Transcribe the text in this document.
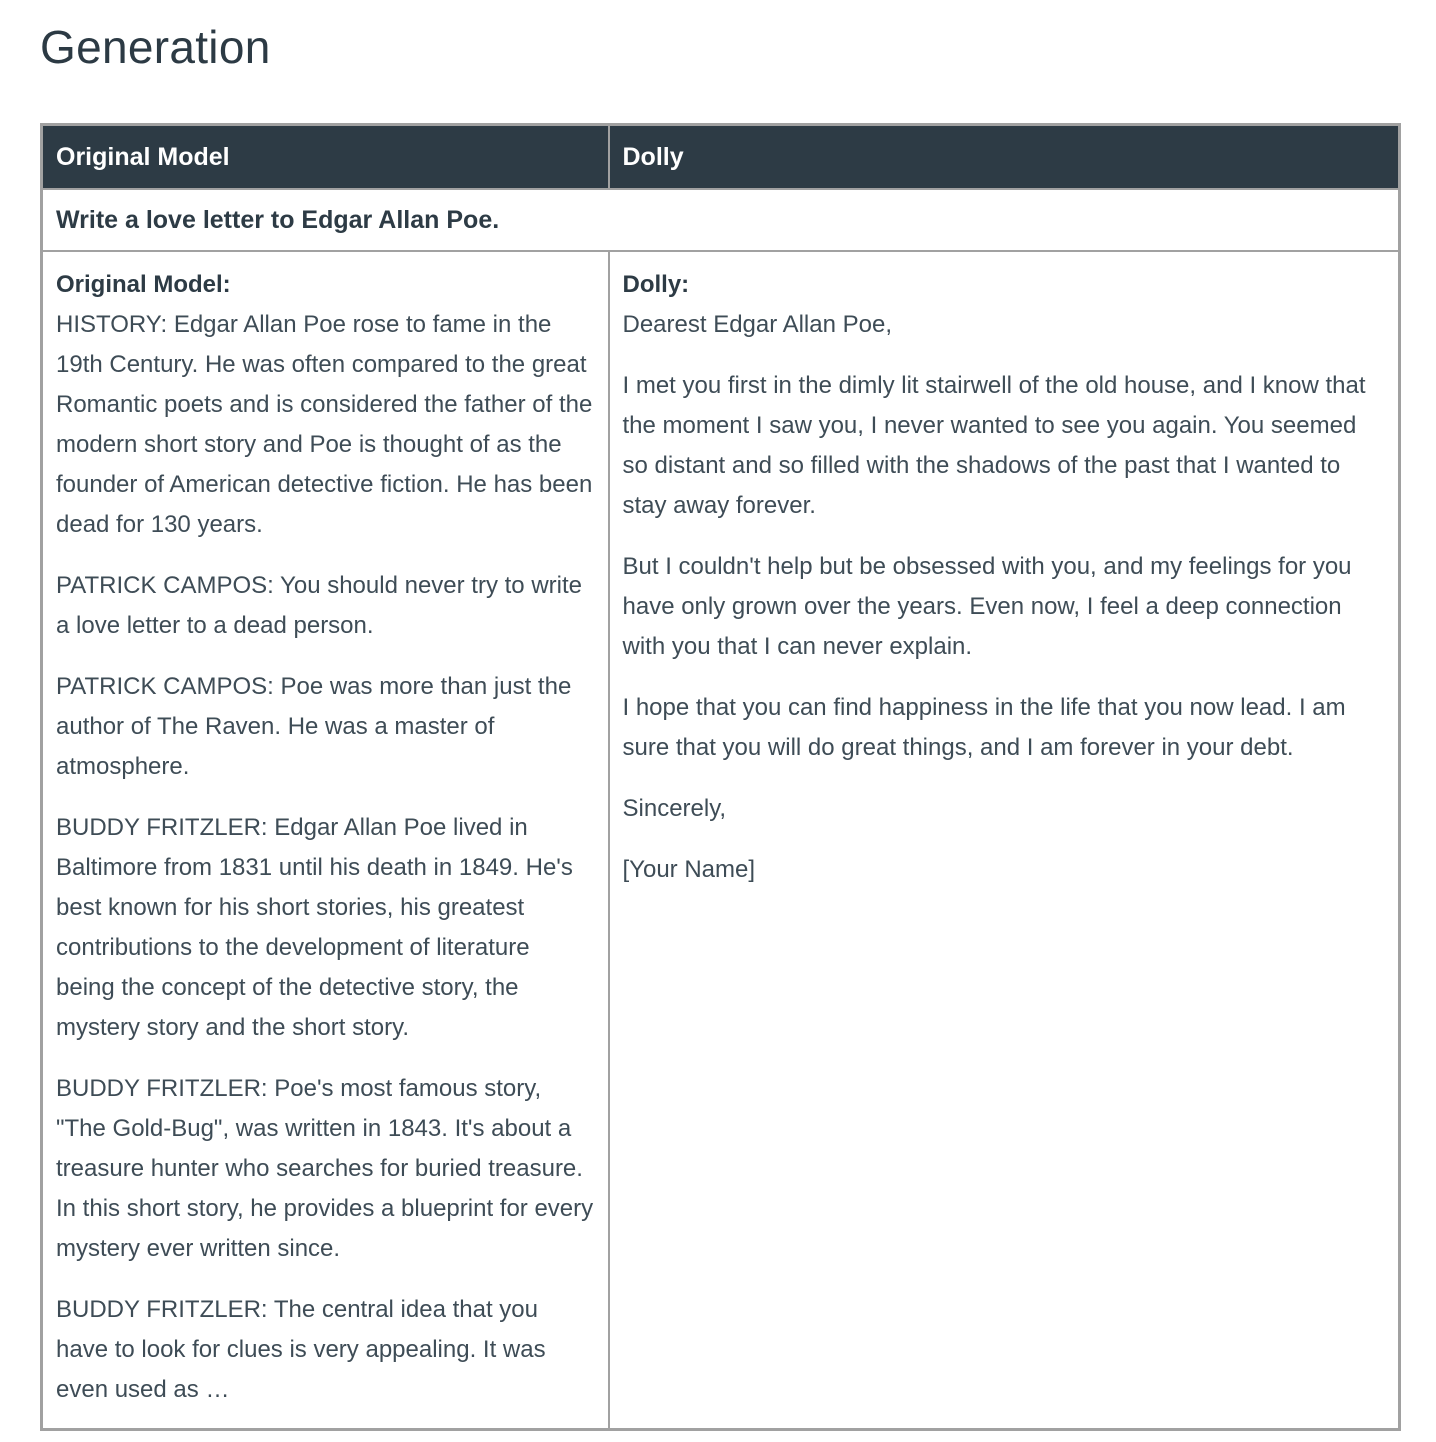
Generation
Original Model	Dolly
Write a love letter to Edgar Allan Poe.	

Original Model:

HISTORY: Edgar Allan Poe rose to fame in the 19th Century. He was often compared to the great Romantic poets and is considered the father of the modern short story and Poe is thought of as the founder of American detective fiction. He has been dead for 130 years.

PATRICK CAMPOS: You should never try to write a love letter to a dead person.

PATRICK CAMPOS: Poe was more than just the author of The Raven. He was a master of atmosphere.

BUDDY FRITZLER: Edgar Allan Poe lived in Baltimore from 1831 until his death in 1849. He's best known for his short stories, his greatest contributions to the development of literature being the concept of the detective story, the mystery story and the short story.

BUDDY FRITZLER: Poe's most famous story, "The Gold-Bug", was written in 1843. It's about a treasure hunter who searches for buried treasure. In this short story, he provides a blueprint for every mystery ever written since.

BUDDY FRITZLER: The central idea that you have to look for clues is very appealing. It was even used as …

Dolly:

Dearest Edgar Allan Poe,

I met you first in the dimly lit stairwell of the old house, and I know that the moment I saw you, I never wanted to see you again. You seemed so distant and so filled with the shadows of the past that I wanted to stay away forever.

But I couldn't help but be obsessed with you, and my feelings for you have only grown over the years. Even now, I feel a deep connection with you that I can never explain.

I hope that you can find happiness in the life that you now lead. I am sure that you will do great things, and I am forever in your debt.

Sincerely,

[Your Name]
